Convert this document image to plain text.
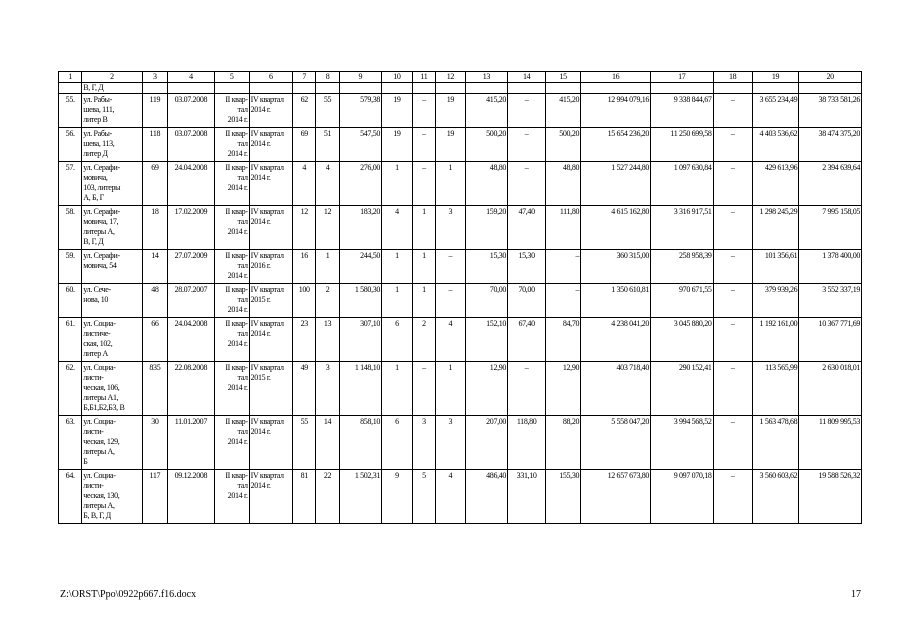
1	2	3	4	5	6	7	8	9	10	11	12	13	14	15	16	17	18	19	20
	В, Г, Д																		
55.	ул. Рабы-
шева, 111,
литер В	119	03.07.2008	II квар-
тал
2014 г.	IV квартал
2014 г.	62	55	579,38	19	–	19	415,20	–	415,20	12 994 079,16	9 338 844,67	–	3 655 234,49	38 733 581,26
56.	ул. Рабы-
шева, 113,
литер Д	118	03.07.2008	II квар-
тал
2014 г.	IV квартал
2014 г.	69	51	547,50	19	–	19	500,20	–	500,20	15 654 236,20	11 250 699,58	–	4 403 536,62	38 474 375,20
57.	ул. Серафи-
мовича,
103, литеры
А, Б, Г	69	24.04.2008	II квар-
тал
2014 г.	IV квартал
2014 г.	4	4	276,00	1	–	1	48,80	–	48,80	1 527 244,80	1 097 630,84	–	429 613,96	2 394 639,64
58.	ул. Серафи-
мовича, 17,
литеры А,
В, Г, Д	18	17.02.2009	II квар-
тал
2014 г.	IV квартал
2014 г.	12	12	183,20	4	1	3	159,20	47,40	111,80	4 615 162,80	3 316 917,51	–	1 298 245,29	7 995 158,05
59.	ул. Серафи-
мовича, 54	14	27.07.2009	II квар-
тал
2014 г.	IV квартал
2016 г.	16	1	244,50	1	1	–	15,30	15,30	–	360 315,00	258 958,39	–	101 356,61	1 378 400,00
60.	ул. Сече-
нова, 10	48	28.07.2007	II квар-
тал
2014 г.	IV квартал
2015 г.	100	2	1 580,30	1	1	–	70,00	70,00	–	1 350 610,81	970 671,55	–	379 939,26	3 552 337,19
61.	ул. Социа-
листиче-
ская, 102,
литер А	66	24.04.2008	II квар-
тал
2014 г.	IV квартал
2014 г.	23	13	307,10	6	2	4	152,10	67,40	84,70	4 238 041,20	3 045 880,20	–	1 192 161,00	10 367 771,69
62.	ул. Социа-
листи-
ческая, 106,
литеры А1,
Б,Б1,Б2,Б3, В	835	22.08.2008	II квар-
тал
2014 г.	IV квартал
2015 г.	49	3	1 148,10	1	–	1	12,90	–	12,90	403 718,40	290 152,41	–	113 565,99	2 630 018,01
63.	ул. Социа-
листи-
ческая, 129,
литеры А,
Б	30	11.01.2007	II квар-
тал
2014 г.	IV квартал
2014 г.	55	14	858,10	6	3	3	207,00	118,80	88,20	5 558 047,20	3 994 568,52	–	1 563 478,68	11 809 995,53
64.	ул. Социа-
листи-
ческая, 130,
литеры А,
Б, В, Г, Д	117	09.12.2008	II квар-
тал
2014 г.	IV квартал
2014 г.	81	22	1 502,31	9	5	4	486,40	331,10	155,30	12 657 673,80	9 097 070,18	–	3 560 603,62	19 588 526,32
Z:\ORST\Ppo\0922p667.f16.docx	17
